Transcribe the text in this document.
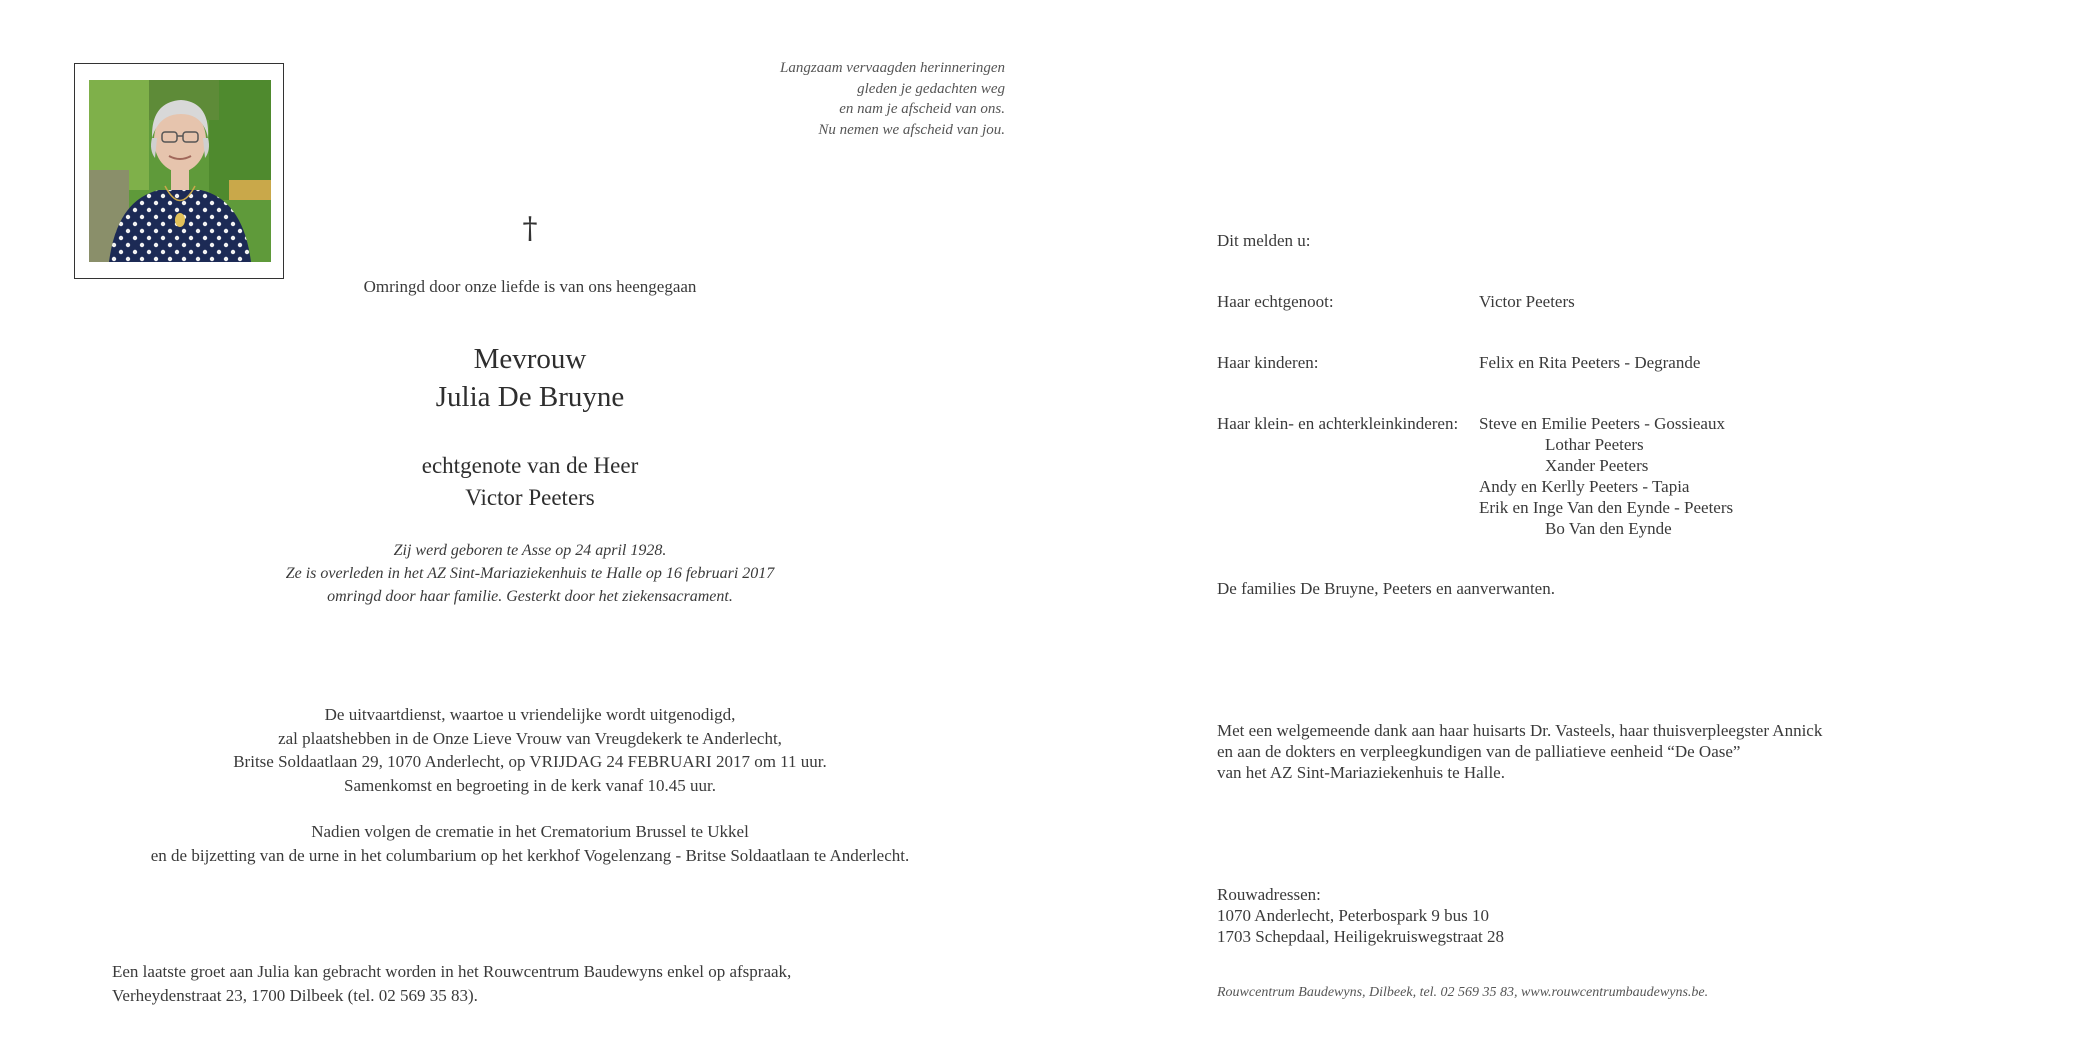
Langzaam vervaagden herinneringen
gleden je gedachten weg
en nam je afscheid van ons.
Nu nemen we afscheid van jou.
†
Omringd door onze liefde is van ons heengegaan
Mevrouw
Julia De Bruyne
echtgenote van de Heer
Victor Peeters
Zij werd geboren te Asse op 24 april 1928.
Ze is overleden in het AZ Sint-Mariaziekenhuis te Halle op 16 februari 2017
omringd door haar familie. Gesterkt door het ziekensacrament.
De uitvaartdienst, waartoe u vriendelijke wordt uitgenodigd,
zal plaatshebben in de Onze Lieve Vrouw van Vreugdekerk te Anderlecht,
Britse Soldaatlaan 29, 1070 Anderlecht, op VRIJDAG 24 FEBRUARI 2017 om 11 uur.
Samenkomst en begroeting in de kerk vanaf 10.45 uur.
Nadien volgen de crematie in het Crematorium Brussel te Ukkel
en de bijzetting van de urne in het columbarium op het kerkhof Vogelenzang - Britse Soldaatlaan te Anderlecht.
Een laatste groet aan Julia kan gebracht worden in het Rouwcentrum Baudewyns enkel op afspraak,
Verheydenstraat 23, 1700 Dilbeek (tel. 02 569 35 83).
Dit melden u:
Haar echtgenoot:	Victor Peeters
Haar kinderen:	Felix en Rita Peeters - Degrande
Haar klein- en achterkleinkinderen: Steve en Emilie Peeters - Gossieaux
Lothar Peeters
Xander Peeters
Andy en Kerlly Peeters - Tapia
Erik en Inge Van den Eynde - Peeters
Bo Van den Eynde
De families De Bruyne, Peeters en aanverwanten.
Met een welgemeende dank aan haar huisarts Dr. Vasteels, haar thuisverpleegster Annick
en aan de dokters en verpleegkundigen van de palliatieve eenheid “De Oase”
van het AZ Sint-Mariaziekenhuis te Halle.
Rouwadressen:
1070 Anderlecht, Peterbospark 9 bus 10
1703 Schepdaal, Heiligekruiswegstraat 28
Rouwcentrum Baudewyns, Dilbeek, tel. 02 569 35 83, www.rouwcentrumbaudewyns.be.
